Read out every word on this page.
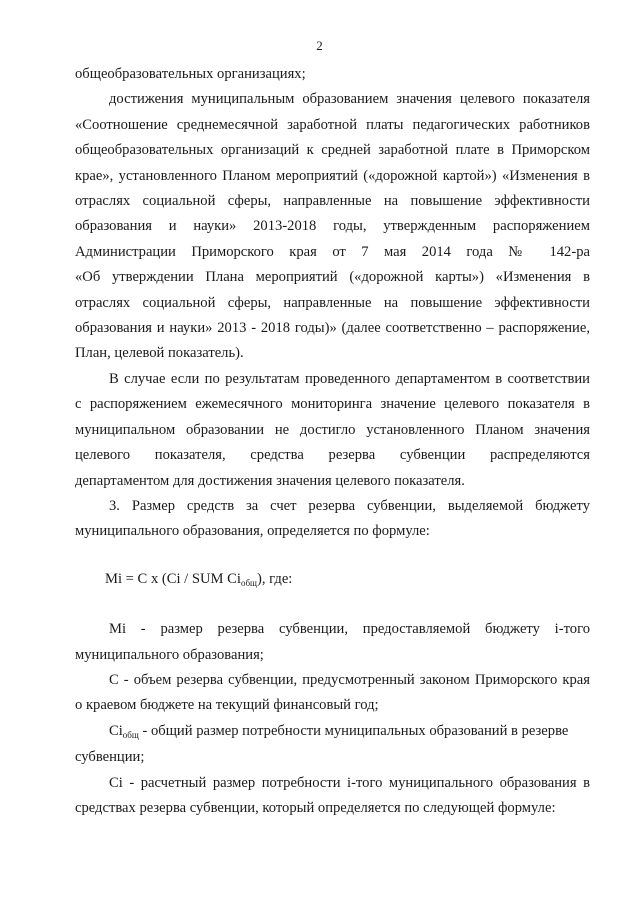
2
общеобразовательных организациях;
достижения муниципальным образованием значения целевого показателя
«Соотношение среднемесячной заработной платы педагогических работников
общеобразовательных организаций к средней заработной плате в Приморском
крае», установленного Планом мероприятий («дорожной картой») «Изменения в
отраслях социальной сферы, направленные на повышение эффективности
образования и науки» 2013-2018 годы, утвержденным распоряжением
Администрации Приморского края от 7 мая 2014 года № 142-ра
«Об утверждении Плана мероприятий («дорожной карты») «Изменения в
отраслях социальной сферы, направленные на повышение эффективности
образования и науки» 2013 - 2018 годы)» (далее соответственно – распоряжение,
План, целевой показатель).
В случае если по результатам проведенного департаментом в соответствии
с распоряжением ежемесячного мониторинга значение целевого показателя в
муниципальном образовании не достигло установленного Планом значения
целевого показателя, средства резерва субвенции распределяются
департаментом для достижения значения целевого показателя.
3. Размер средств за счет резерва субвенции, выделяемой бюджету
муниципального образования, определяется по формуле:
Mi = C x (Ci / SUM $Ci_{общ}$), где:
Mi - размер резерва субвенции, предоставляемой бюджету i-того
муниципального образования;
С - объем резерва субвенции, предусмотренный законом Приморского края
о краевом бюджете на текущий финансовый год;
$Ci_{общ}$ - общий размер потребности муниципальных образований в резерве
субвенции;
Ci - расчетный размер потребности i-того муниципального образования в
средствах резерва субвенции, который определяется по следующей формуле:
